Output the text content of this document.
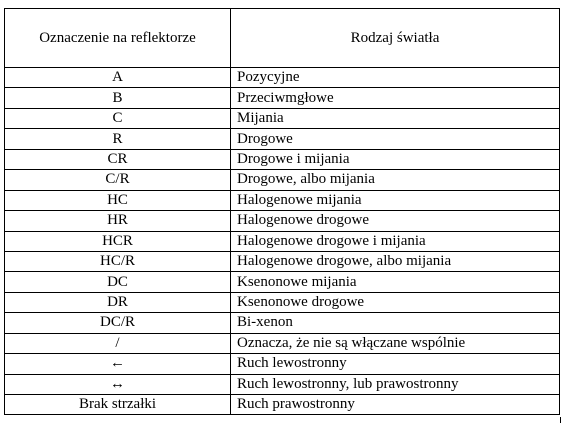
Oznaczenie na reflektorze	Rodzaj światła
A	Pozycyjne
B	Przeciwmgłowe
C	Mijania
R	Drogowe
CR	Drogowe i mijania
C/R	Drogowe, albo mijania
HC	Halogenowe mijania
HR	Halogenowe drogowe
HCR	Halogenowe drogowe i mijania
HC/R	Halogenowe drogowe, albo mijania
DC	Ksenonowe mijania
DR	Ksenonowe drogowe
DC/R	Bi-xenon
/	Oznacza, że nie są włączane wspólnie
←	Ruch lewostronny
↔	Ruch lewostronny, lub prawostronny
Brak strzałki	Ruch prawostronny
